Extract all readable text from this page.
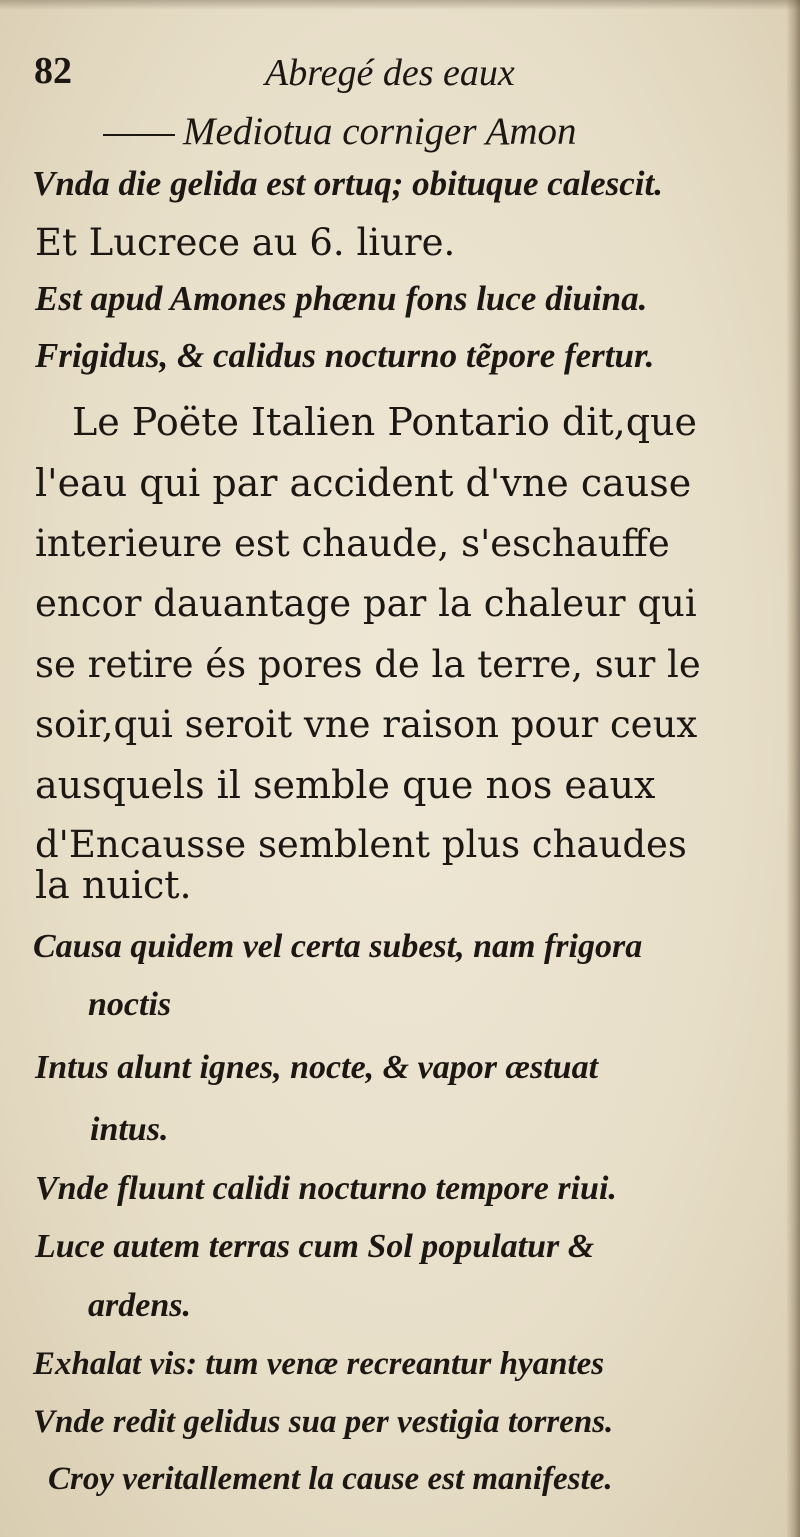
82	Abregé des eaux
Mediotua corniger Amon
Vnda die gelida est ortuq; obituque calescit.
Et Lucrece au 6. liure.
Est apud Amones phænu fons luce diuina.
Frigidus, & calidus nocturno tẽpore fertur.
Le Poëte Italien Pontario dit,que
l'eau qui par accident d'vne cause
interieure est chaude, s'eschauffe
encor dauantage par la chaleur qui
se retire és pores de la terre, sur le
soir,qui seroit vne raison pour ceux
ausquels il semble que nos eaux
d'Encausse semblent plus chaudes
la nuict.
Causa quidem vel certa subest, nam frigora
noctis
Intus alunt ignes, nocte, & vapor æstuat
intus.
Vnde fluunt calidi nocturno tempore riui.
Luce autem terras cum Sol populatur &
ardens.
Exhalat vis: tum venæ recreantur hyantes
Vnde redit gelidus sua per vestigia torrens.
Croy veritallement la cause est manifeste.
